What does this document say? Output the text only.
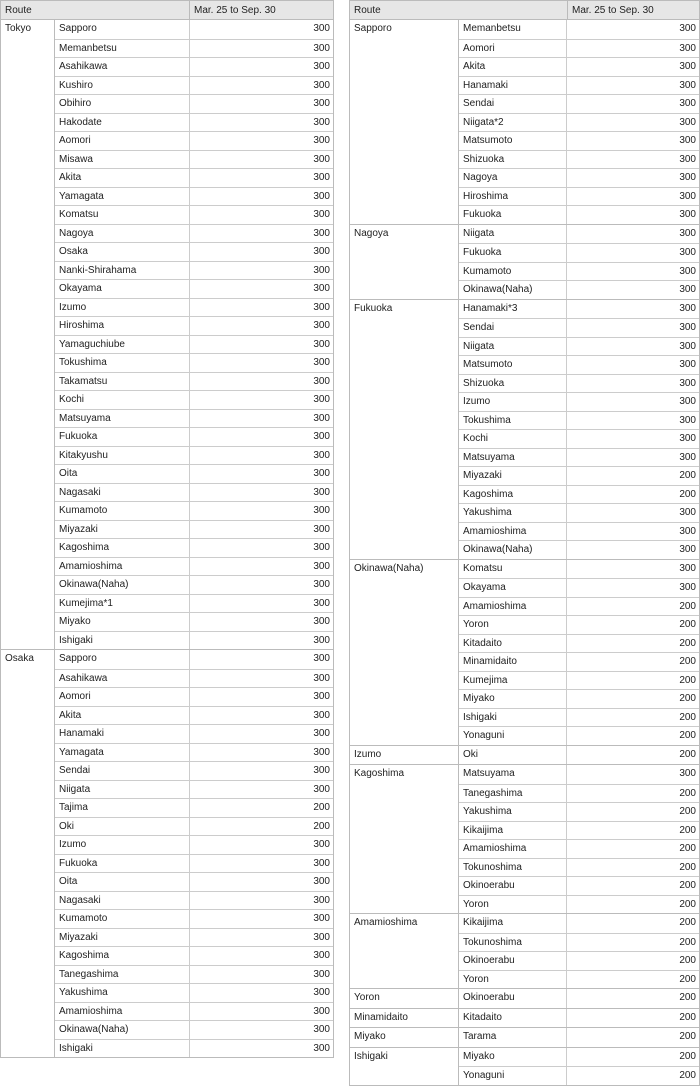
Route	Mar. 25 to Sep. 30
Tokyo	Sapporo	300
Memanbetsu	300
Asahikawa	300
Kushiro	300
Obihiro	300
Hakodate	300
Aomori	300
Misawa	300
Akita	300
Yamagata	300
Komatsu	300
Nagoya	300
Osaka	300
Nanki-Shirahama	300
Okayama	300
Izumo	300
Hiroshima	300
Yamaguchiube	300
Tokushima	300
Takamatsu	300
Kochi	300
Matsuyama	300
Fukuoka	300
Kitakyushu	300
Oita	300
Nagasaki	300
Kumamoto	300
Miyazaki	300
Kagoshima	300
Amamioshima	300
Okinawa(Naha)	300
Kumejima*1	300
Miyako	300
Ishigaki	300
Osaka	Sapporo	300
Asahikawa	300
Aomori	300
Akita	300
Hanamaki	300
Yamagata	300
Sendai	300
Niigata	300
Tajima	200
Oki	200
Izumo	300
Fukuoka	300
Oita	300
Nagasaki	300
Kumamoto	300
Miyazaki	300
Kagoshima	300
Tanegashima	300
Yakushima	300
Amamioshima	300
Okinawa(Naha)	300
Ishigaki	300
Route	Mar. 25 to Sep. 30
Sapporo	Memanbetsu	300
Aomori	300
Akita	300
Hanamaki	300
Sendai	300
Niigata*2	300
Matsumoto	300
Shizuoka	300
Nagoya	300
Hiroshima	300
Fukuoka	300
Nagoya	Niigata	300
Fukuoka	300
Kumamoto	300
Okinawa(Naha)	300
Fukuoka	Hanamaki*3	300
Sendai	300
Niigata	300
Matsumoto	300
Shizuoka	300
Izumo	300
Tokushima	300
Kochi	300
Matsuyama	300
Miyazaki	200
Kagoshima	200
Yakushima	300
Amamioshima	300
Okinawa(Naha)	300
Okinawa(Naha)	Komatsu	300
Okayama	300
Amamioshima	200
Yoron	200
Kitadaito	200
Minamidaito	200
Kumejima	200
Miyako	200
Ishigaki	200
Yonaguni	200
Izumo	Oki	200
Kagoshima	Matsuyama	300
Tanegashima	200
Yakushima	200
Kikaijima	200
Amamioshima	200
Tokunoshima	200
Okinoerabu	200
Yoron	200
Amamioshima	Kikaijima	200
Tokunoshima	200
Okinoerabu	200
Yoron	200
Yoron	Okinoerabu	200
Minamidaito	Kitadaito	200
Miyako	Tarama	200
Ishigaki	Miyako	200
Yonaguni	200
